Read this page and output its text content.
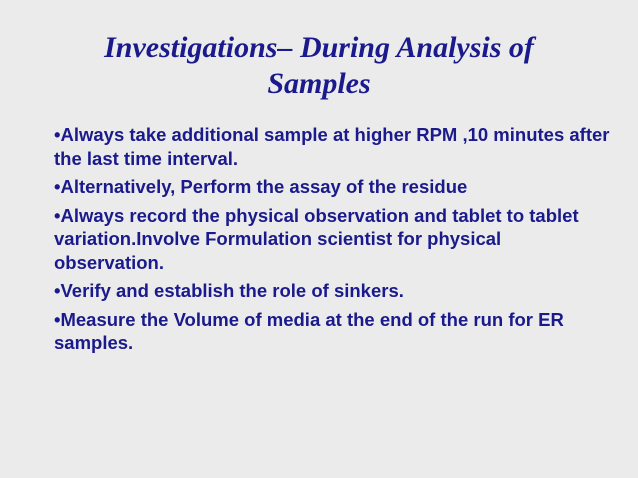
Investigations– During Analysis of
Samples
•Always take additional sample at higher RPM ,10 minutes after the last time interval.
•Alternatively, Perform the assay of the residue
•Always record the physical observation and tablet to tablet variation.Involve Formulation scientist for physical observation.
•Verify and establish the role of sinkers.
•Measure the Volume of media at the end of the run for ER samples.
